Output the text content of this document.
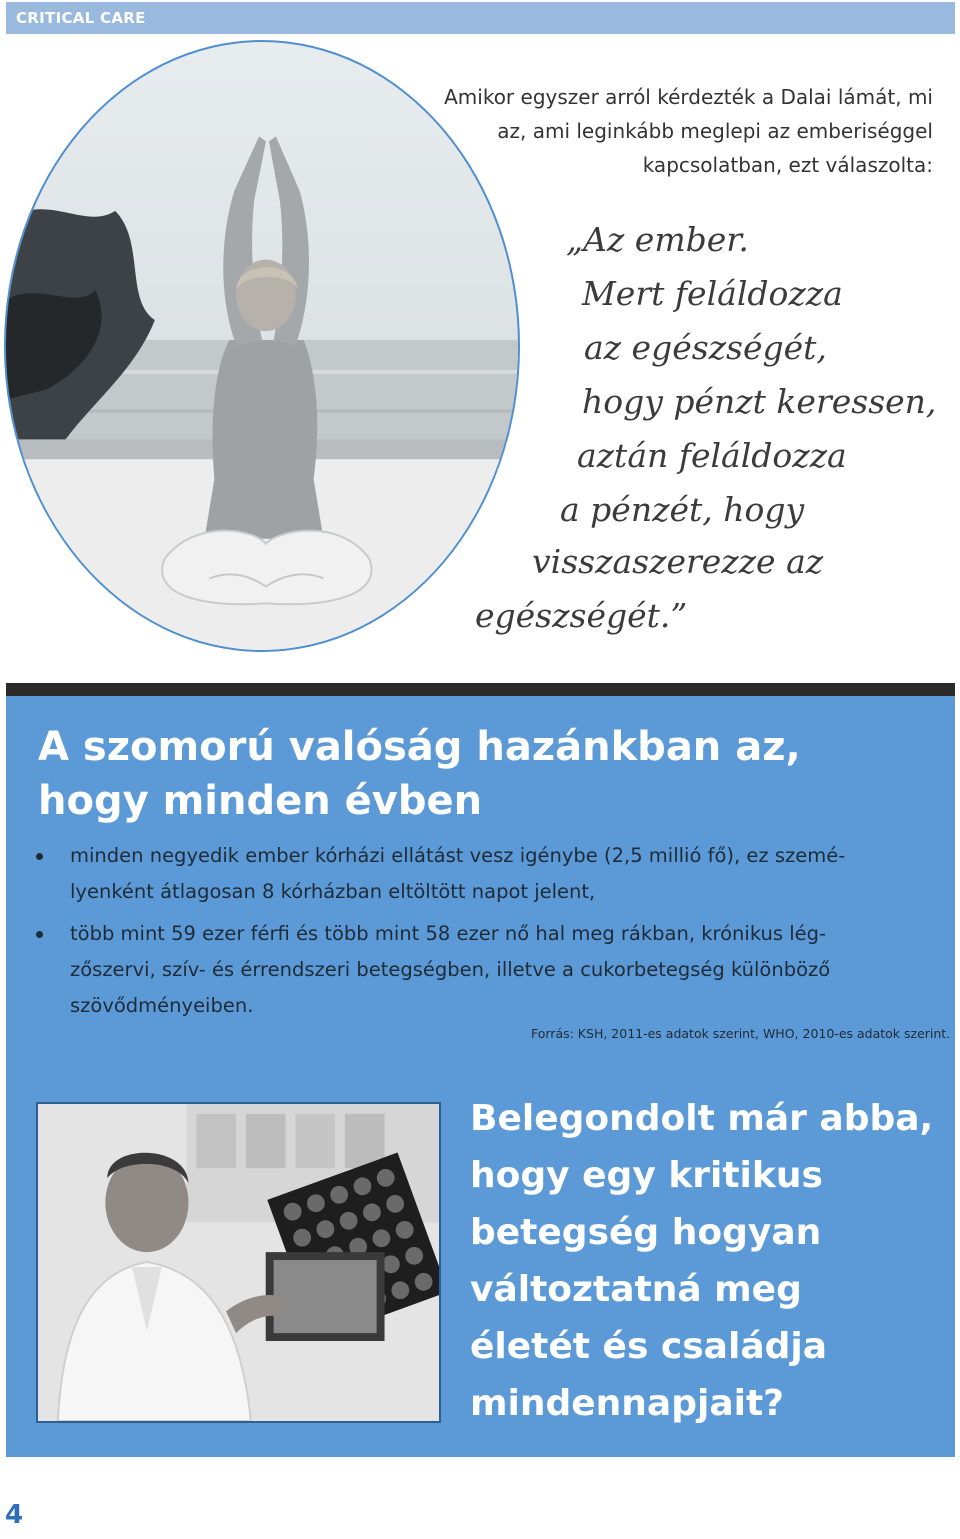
CRITICAL CARE
Amikor egyszer arról kérdezték a Dalai lámát, mi
az, ami leginkább meglepi az emberiséggel
kapcsolatban, ezt válaszolta:
„Az ember.
Mert feláldozza
az egészségét,
hogy pénzt keressen,
aztán feláldozza
a pénzét, hogy
visszaszerezze az
egészségét.”
A szomorú valóság hazánkban az,
hogy minden évben
minden negyedik ember kórházi ellátást vesz igénybe (2,5 millió fő), ez szemé-
lyenként átlagosan 8 kórházban eltöltött napot jelent,
több mint 59 ezer férfi és több mint 58 ezer nő hal meg rákban, krónikus lég-
zőszervi, szív- és érrendszeri betegségben, illetve a cukorbetegség különböző
szövődményeiben.
Forrás: KSH, 2011-es adatok szerint, WHO, 2010-es adatok szerint.
Belegondolt már abba,
hogy egy kritikus
betegség hogyan
változtatná meg
életét és családja
mindennapjait?
4
